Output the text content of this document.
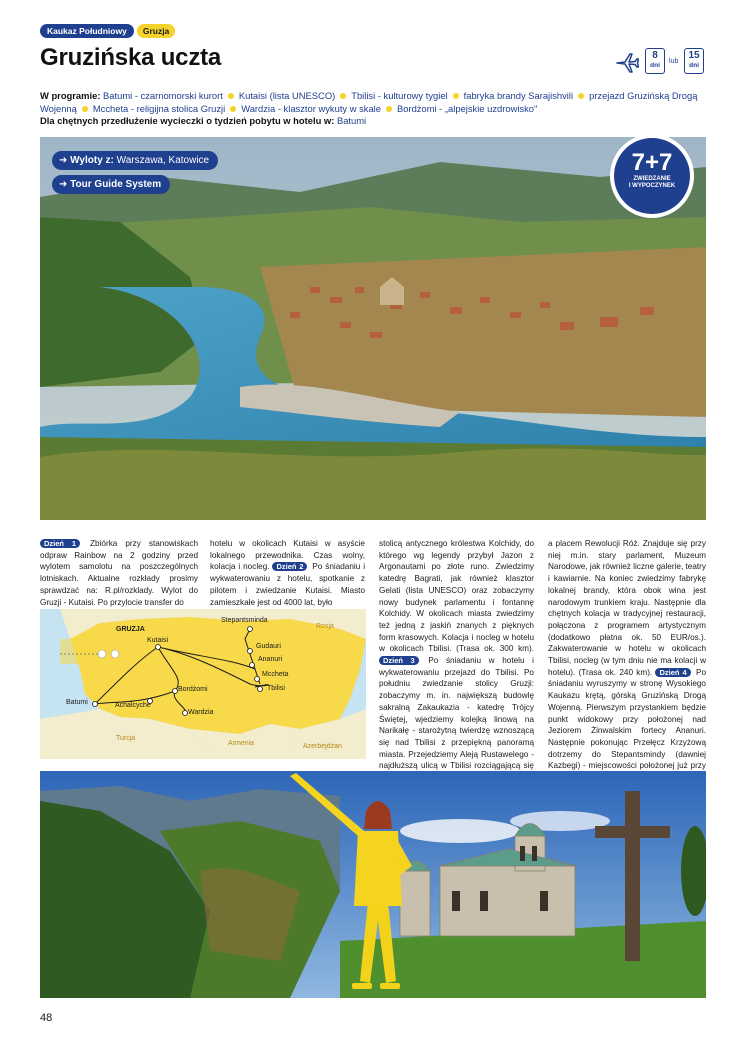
Kaukaz Południowy	Gruzja
Gruzińska uczta	8
dni
lub
15
dni
W programie: Batumi - czarnomorski kurort Kutaisi (lista UNESCO) Tbilisi - kulturowy tygiel fabryka brandy Sarajishvili przejazd Gruzińską Drogą Wojenną Mccheta - religijna stolica Gruzji Wardzia - klasztor wykuty w skale Bordżomi - „alpejskie uzdrowisko"
Dla chętnych przedłużenie wycieczki o tydzień pobytu w hotelu w: Batumi
➜ Wyloty z: Warszawa, Katowice
➜ Tour Guide System
7+7
ZWIEDZANIE
I WYPOCZYNEK
Dzień 1 Zbiórka przy stanowiskach odpraw Rainbow na 2 godziny przed wylotem samolotu na poszczególnych lotniskach. Aktualne rozkłady prosimy sprawdzać na: R.pl/rozklady. Wylot do Gruzji - Kutaisi. Po przylocie transfer do
hotelu w okolicach Kutaisi w asyście lokalnego przewodnika. Czas wolny, kolacja i nocleg. Dzień 2 Po śniadaniu i wykwaterowaniu z hotelu, spotkanie z pilotem i zwiedzanie Kutaisi. Miasto zamieszkałe jest od 4000 lat, było
stolicą antycznego królestwa Kolchidy, do którego wg legendy przybył Jazon z Argonautami po złote runo. Zwiedzimy katedrę Bagrati, jak również klasztor Gelati (lista UNESCO) oraz zobaczymy nowy budynek parlamentu i fontannę Kolchidy. W okolicach miasta zwiedzimy też jedną z jaskiń znanych z pięknych form krasowych. Kolacja i nocleg w hotelu w okolicach Tbilisi. (Trasa ok. 300 km). Dzień 3 Po śniadaniu w hotelu i wykwaterowaniu przejazd do Tbilisi. Po południu zwiedzanie stolicy Gruzji: zobaczymy m. in. największą budowlę sakralną Zakaukazia - katedrę Trójcy Świętej, wjedziemy kolejką linową na Narikałę - starożytną twierdzę wznoszącą się nad Tbilisi z przepiękną panoramą miasta. Przejedziemy Aleją Rustawelego - najdłuższą ulicą w Tbilisi rozciągającą się
a placem Rewolucji Róż. Znajduje się przy niej m.in. stary parlament, Muzeum Narodowe, jak również liczne galerie, teatry i kawiarnie. Na koniec zwiedzimy fabrykę lokalnej brandy, która obok wina jest narodowym trunkiem kraju. Następnie dla chętnych kolacja w tradycyjnej restauracji, połączona z programem artystycznym (dodatkowo płatna ok. 50 EUR/os.). Zakwaterowanie w hotelu w okolicach Tbilisi, nocleg (w tym dniu nie ma kolacji w hotelu). (Trasa ok. 240 km). Dzień 4 Po śniadaniu wyruszymy w stronę Wysokiego Kaukazu krętą, górską Gruzińską Drogą Wojenną. Pierwszym przystankiem będzie punkt widokowy przy położonej nad Jeziorem Żinwalskim fortecy Ananuri. Następnie pokonując Przełęcz Krzyżową dotrzemy do Stepantsmindy (dawniej Kazbegi) - miejscowości położonej już przy
GRUZJA	Rosja
Turcja
Armenia	Azerbejdżan
Stepantsminda
Kutaisi
Gudauri
Ananuri
Mccheta
Tbilisi
Bordżomi
Batumi	Achalcyche
Wardzia
48
